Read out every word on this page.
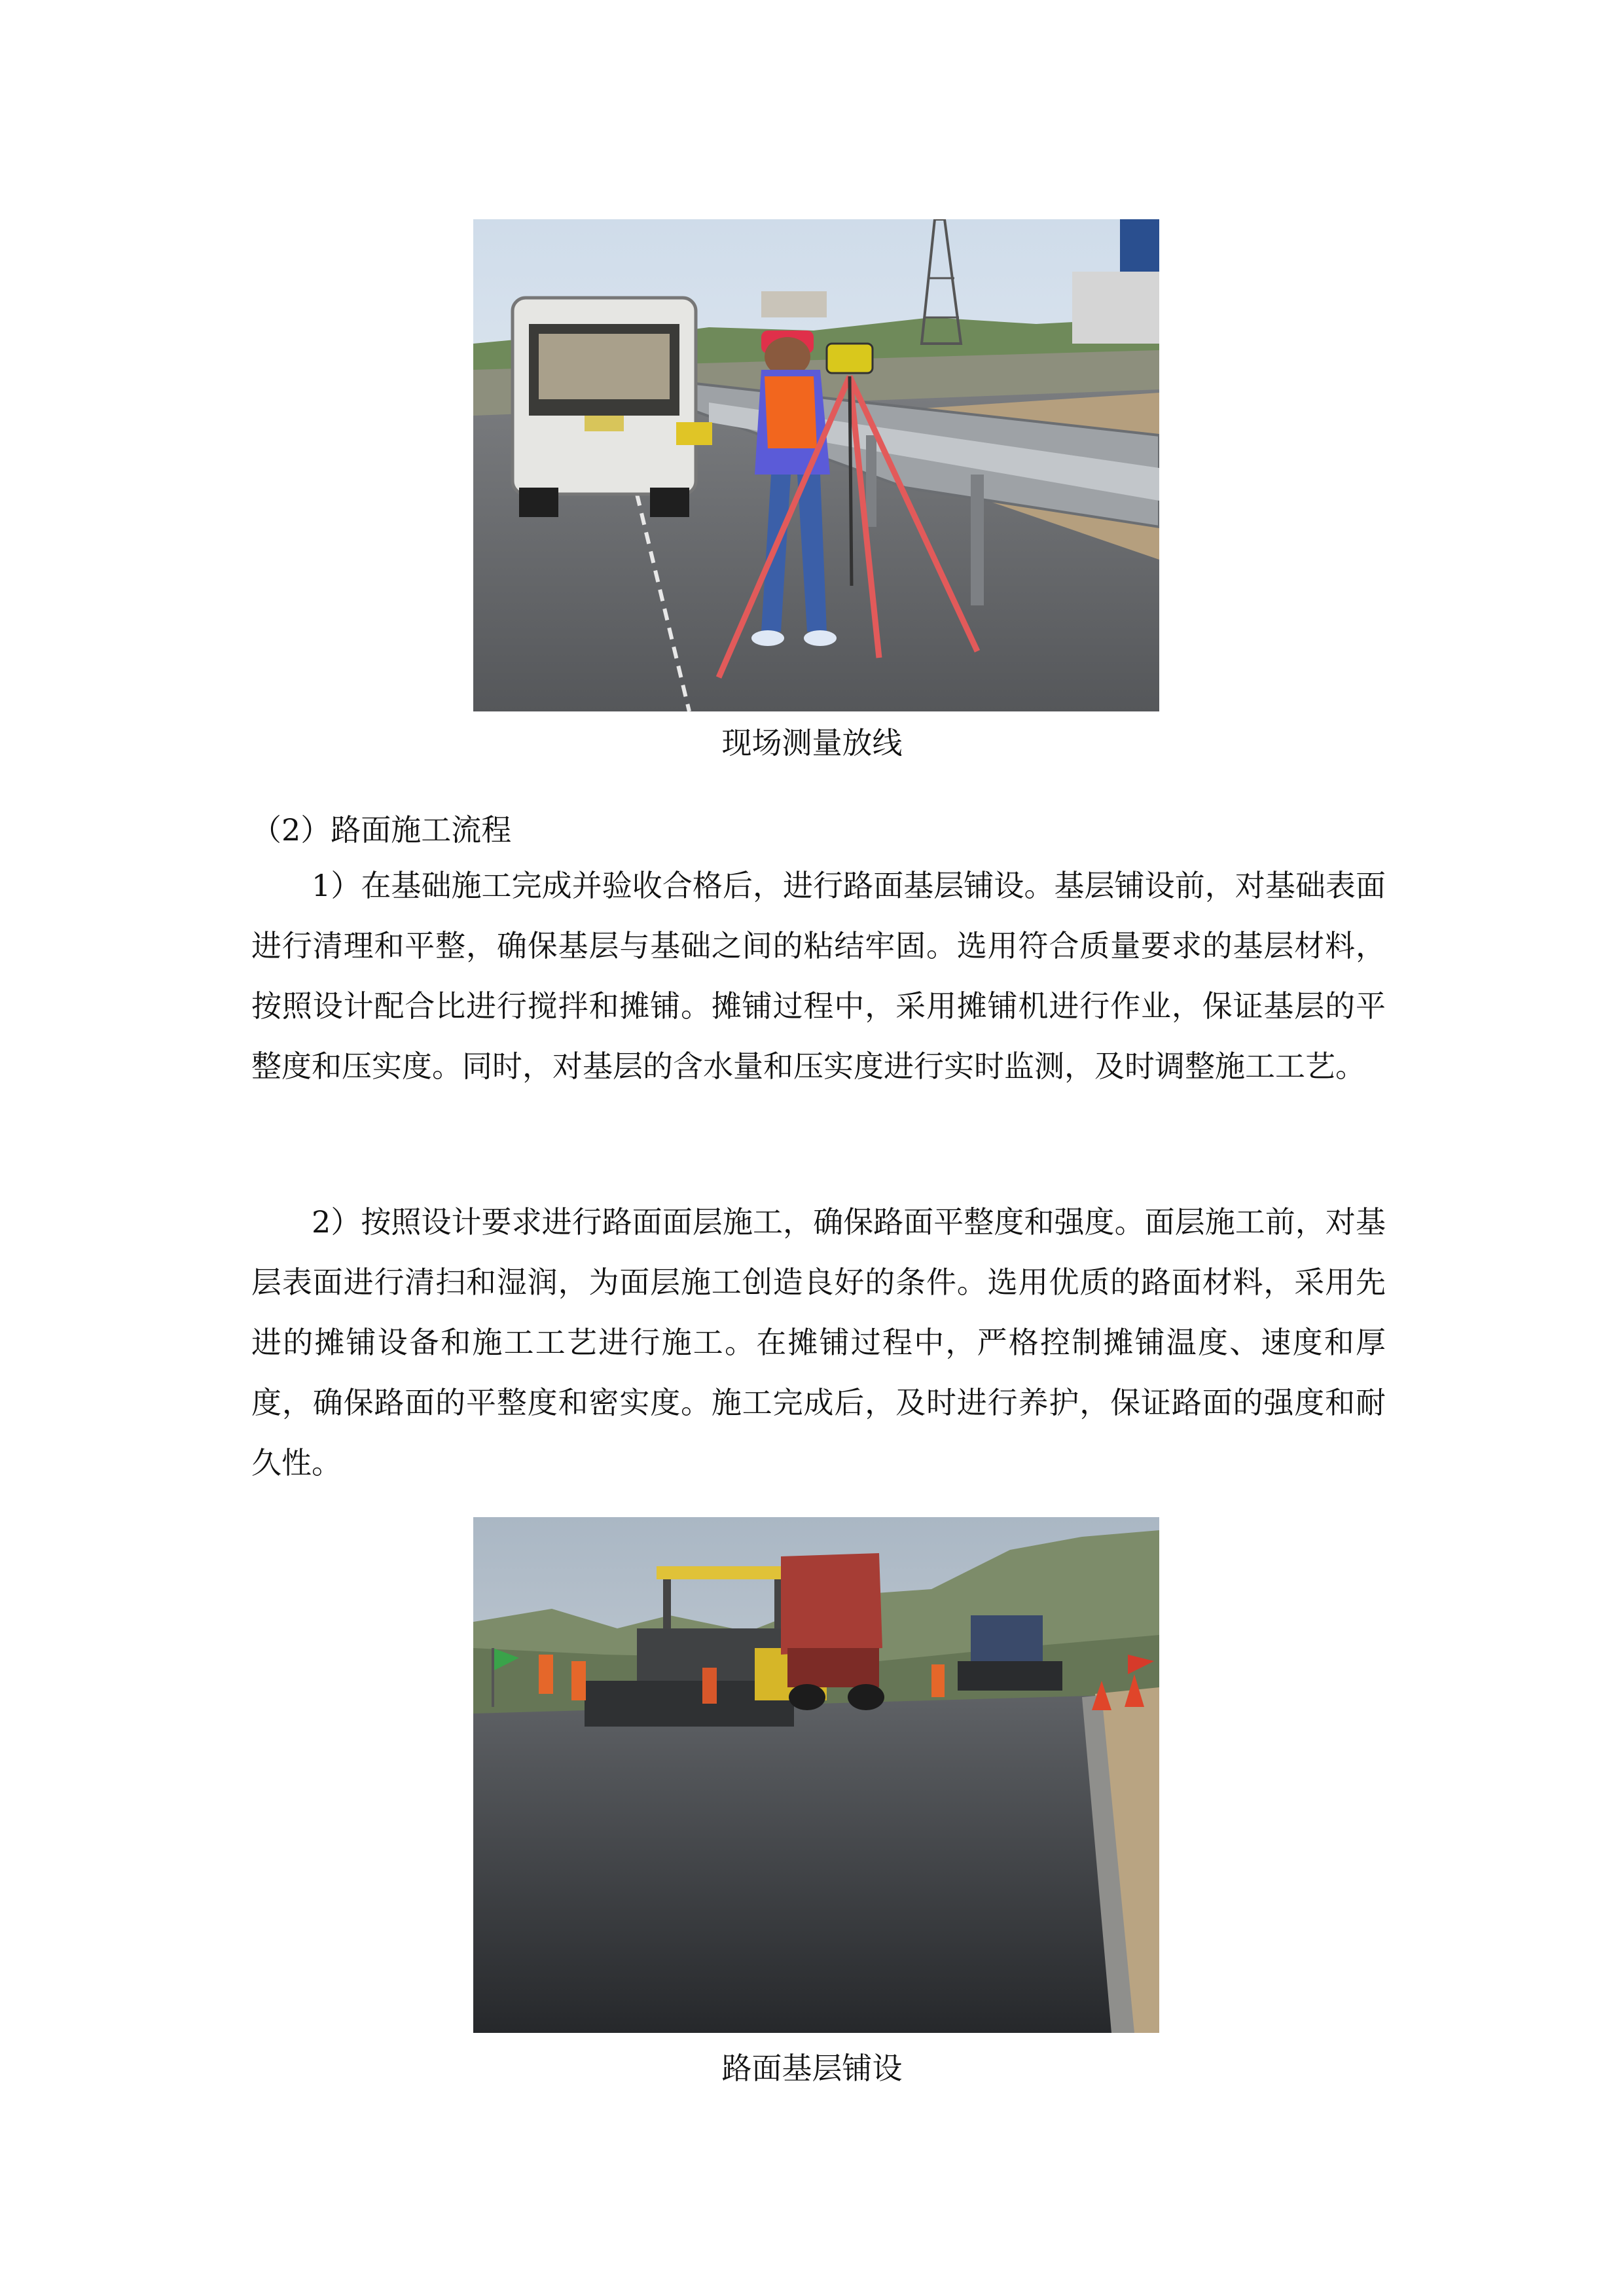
现场测量放线
（2）路面施工流程

1）在基础施工完成并验收合格后，进行路面基层铺设。基层铺设前，对基础表面进行清理和平整，确保基层与基础之间的粘结牢固。选用符合质量要求的基层材料，按照设计配合比进行搅拌和摊铺。摊铺过程中，采用摊铺机进行作业，保证基层的平整度和压实度。同时，对基层的含水量和压实度进行实时监测，及时调整施工工艺。

2）按照设计要求进行路面面层施工，确保路面平整度和强度。面层施工前，对基层表面进行清扫和湿润，为面层施工创造良好的条件。选用优质的路面材料，采用先进的摊铺设备和施工工艺进行施工。在摊铺过程中，严格控制摊铺温度、速度和厚度，确保路面的平整度和密实度。施工完成后，及时进行养护，保证路面的强度和耐久性。

路面基层铺设
